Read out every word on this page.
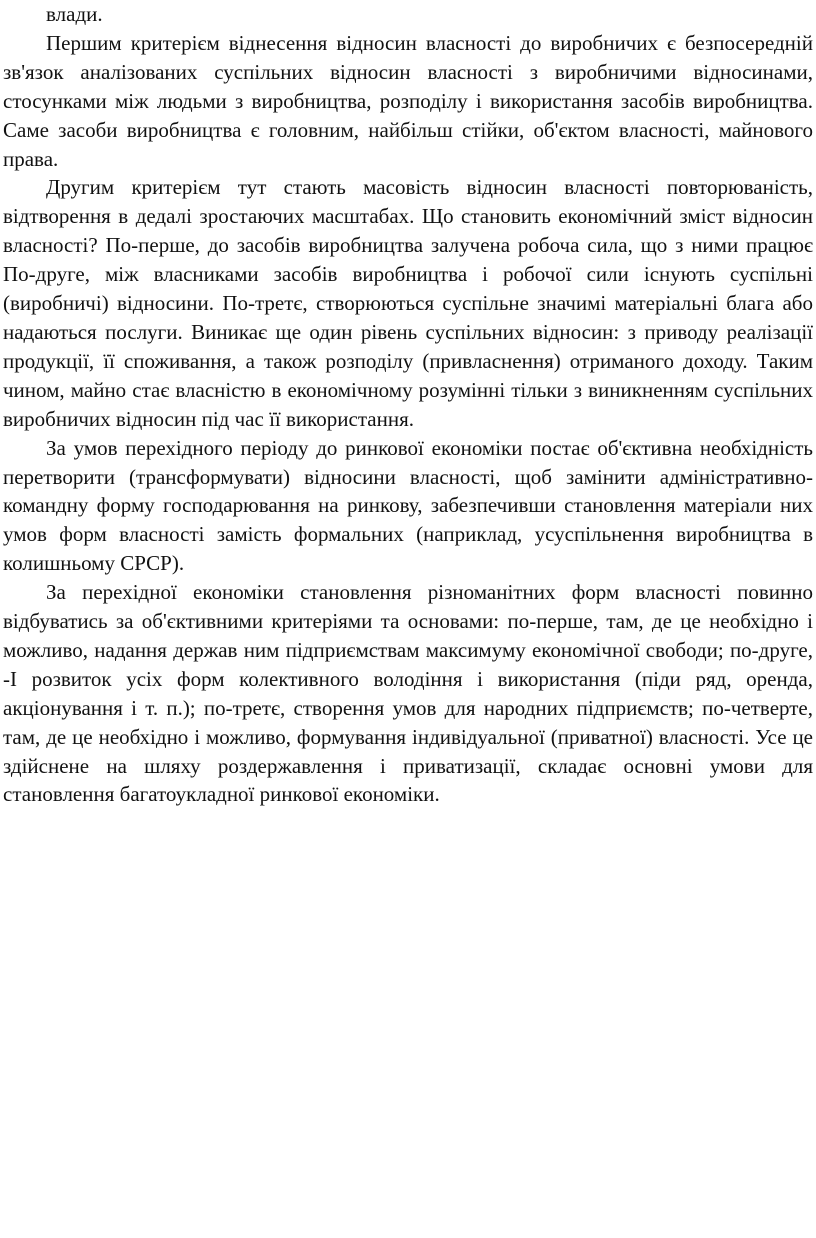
влади.

Першим критерієм віднесення відносин власності до виробничих є безпосередній зв'язок аналізованих суспільних відносин власності з виробничими відносинами, стосунками між людьми з виробництва, розподілу і використання засобів виробництва. Саме засоби виробництва є головним, найбільш стійки, об'єктом власності, майнового права.

Другим критерієм тут стають масовість відносин власності повторюваність, відтворення в дедалі зростаючих масштабах. Що становить економічний зміст відносин власності? По-перше, до засобів виробництва залучена робоча сила, що з ними працює По-друге, між власниками засобів виробництва і робочої сили існують суспільні (виробничі) відносини. По-третє, створюються суспільне значимі матеріальні блага або надаються послуги. Виникає ще один рівень суспільних відносин: з приводу реалізації продукції, її споживання, а також розподілу (привласнення) отриманого доходу. Таким чином, майно стає власністю в економічному розумінні тільки з виникненням суспільних виробничих відносин під час її використання.

За умов перехідного періоду до ринкової економіки постає об'єктивна необхідність перетворити (трансформувати) відносини власності, щоб замінити адміністративно-командну форму господарювання на ринкову, забезпечивши становлення матеріали них умов форм власності замість формальних (наприклад, усуспільнення виробництва в колишньому СРСР).

За перехідної економіки становлення різноманітних форм власності повинно відбуватись за об'єктивними критеріями та основами: по-перше, там, де це необхідно і можливо, надання держав ним підприємствам максимуму економічної свободи; по-друге, -І розвиток усіх форм колективного володіння і використання (піди ряд, оренда, акціонування і т. п.); по-третє, створення умов для народних підприємств; по-четверте, там, де це необхідно і можливо, формування індивідуальної (приватної) власності. Усе це здійснене на шляху роздержавлення і приватизації, складає основні умови для становлення багатоукладної ринкової економіки.
